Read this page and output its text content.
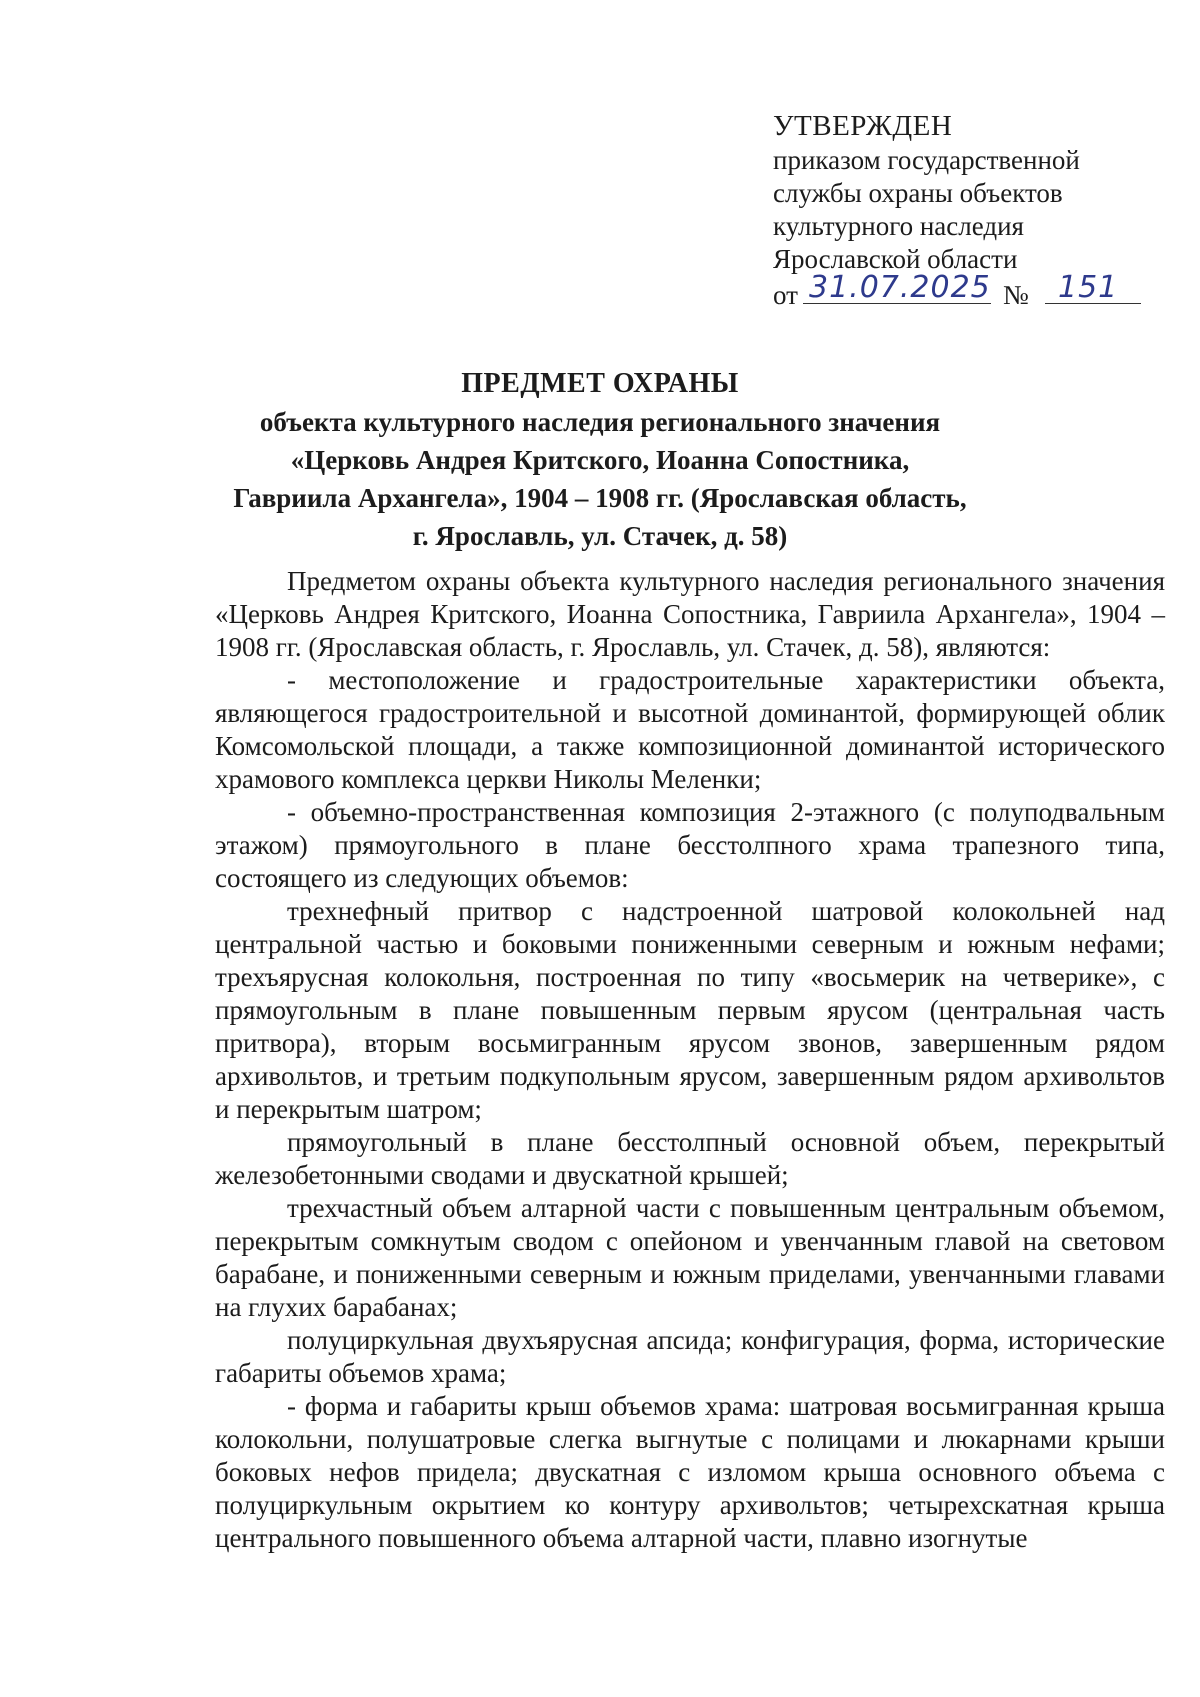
УТВЕРЖДЕН
приказом государственной
службы охраны объектов
культурного наследия
Ярославской области
от 31.07.2025 № 151
ПРЕДМЕТ ОХРАНЫ
объекта культурного наследия регионального значения
«Церковь Андрея Критского, Иоанна Сопостника,
Гавриила Архангела», 1904 – 1908 гг. (Ярославская область,
г. Ярославль, ул. Стачек, д. 58)

Предметом охраны объекта культурного наследия регионального значения «Церковь Андрея Критского, Иоанна Сопостника, Гавриила Архангела», 1904 – 1908 гг. (Ярославская область, г. Ярославль, ул. Стачек, д. 58), являются:

- местоположение и градостроительные характеристики объекта, являющегося градостроительной и высотной доминантой, формирующей облик Комсомольской площади, а также композиционной доминантой исторического храмового комплекса церкви Николы Меленки;

- объемно-пространственная композиция 2-этажного (с полуподвальным этажом) прямоугольного в плане бесстолпного храма трапезного типа, состоящего из следующих объемов:

трехнефный притвор с надстроенной шатровой колокольней над центральной частью и боковыми пониженными северным и южным нефами; трехъярусная колокольня, построенная по типу «восьмерик на четверике», с прямоугольным в плане повышенным первым ярусом (центральная часть притвора), вторым восьмигранным ярусом звонов, завершенным рядом архивольтов, и третьим подкупольным ярусом, завершенным рядом архивольтов и перекрытым шатром;

прямоугольный в плане бесстолпный основной объем, перекрытый железобетонными сводами и двускатной крышей;

трехчастный объем алтарной части с повышенным центральным объемом, перекрытым сомкнутым сводом с опейоном и увенчанным главой на световом барабане, и пониженными северным и южным приделами, увенчанными главами на глухих барабанах;

полуциркульная двухъярусная апсида; конфигурация, форма, исторические габариты объемов храма;

- форма и габариты крыш объемов храма: шатровая восьмигранная крыша колокольни, полушатровые слегка выгнутые с полицами и люкарнами крыши боковых нефов придела; двускатная с изломом крыша основного объема с полуциркульным окрытием ко контуру архивольтов; четырехскатная крыша центрального повышенного объема алтарной части, плавно изогнутые
